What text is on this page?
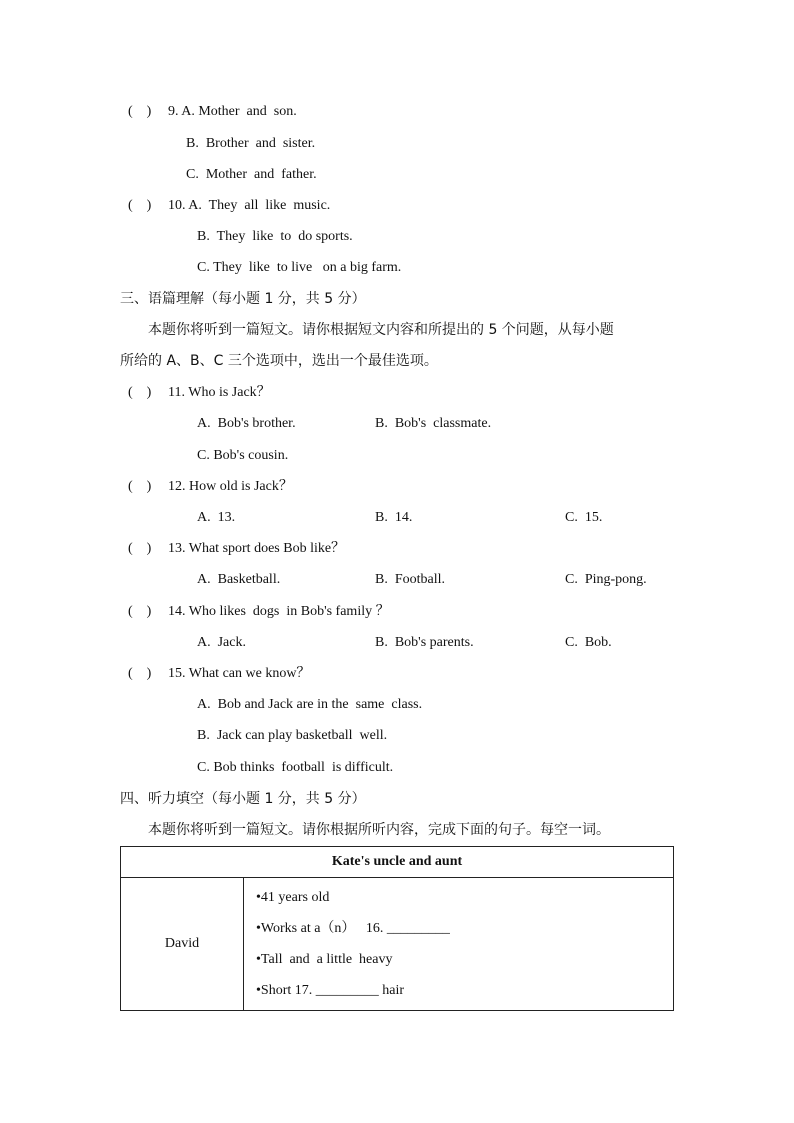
(    ) 9. A. Mother  and  son.
B.  Brother  and  sister.
C.  Mother  and  father.
(    ) 10. A.  They  all  like  music.
B.  They  like  to  do sports.
C. They  like  to live   on a big farm.
三、语篇理解（每小题 1 分，共 5 分）
本题你将听到一篇短文。请你根据短文内容和所提出的 5 个问题，从每小题
所给的 A、B、C 三个选项中，选出一个最佳选项。
(    ) 11. Who is Jack？
A.  Bob's brother.	B.  Bob's  classmate.
C. Bob's cousin.
(    ) 12. How old is Jack？
A.  13.	B.  14.	C.  15.
(    ) 13. What sport does Bob like？
A.  Basketball.	B.  Football.	C.  Ping-pong.
(    ) 14. Who likes  dogs  in Bob's family ？
A.  Jack.	B.  Bob's parents.	C.  Bob.
(    ) 15. What can we know？
A.  Bob and Jack are in the  same  class.
B.  Jack can play basketball  well.
C. Bob thinks  football  is difficult.
四、听力填空（每小题 1 分，共 5 分）
本题你将听到一篇短文。请你根据所听内容，完成下面的句子。每空一词。
Kate's uncle and aunt
David	
•41 years old
•Works at a（n）   16. _________
•Tall  and  a little  heavy
•Short 17. _________ hair
